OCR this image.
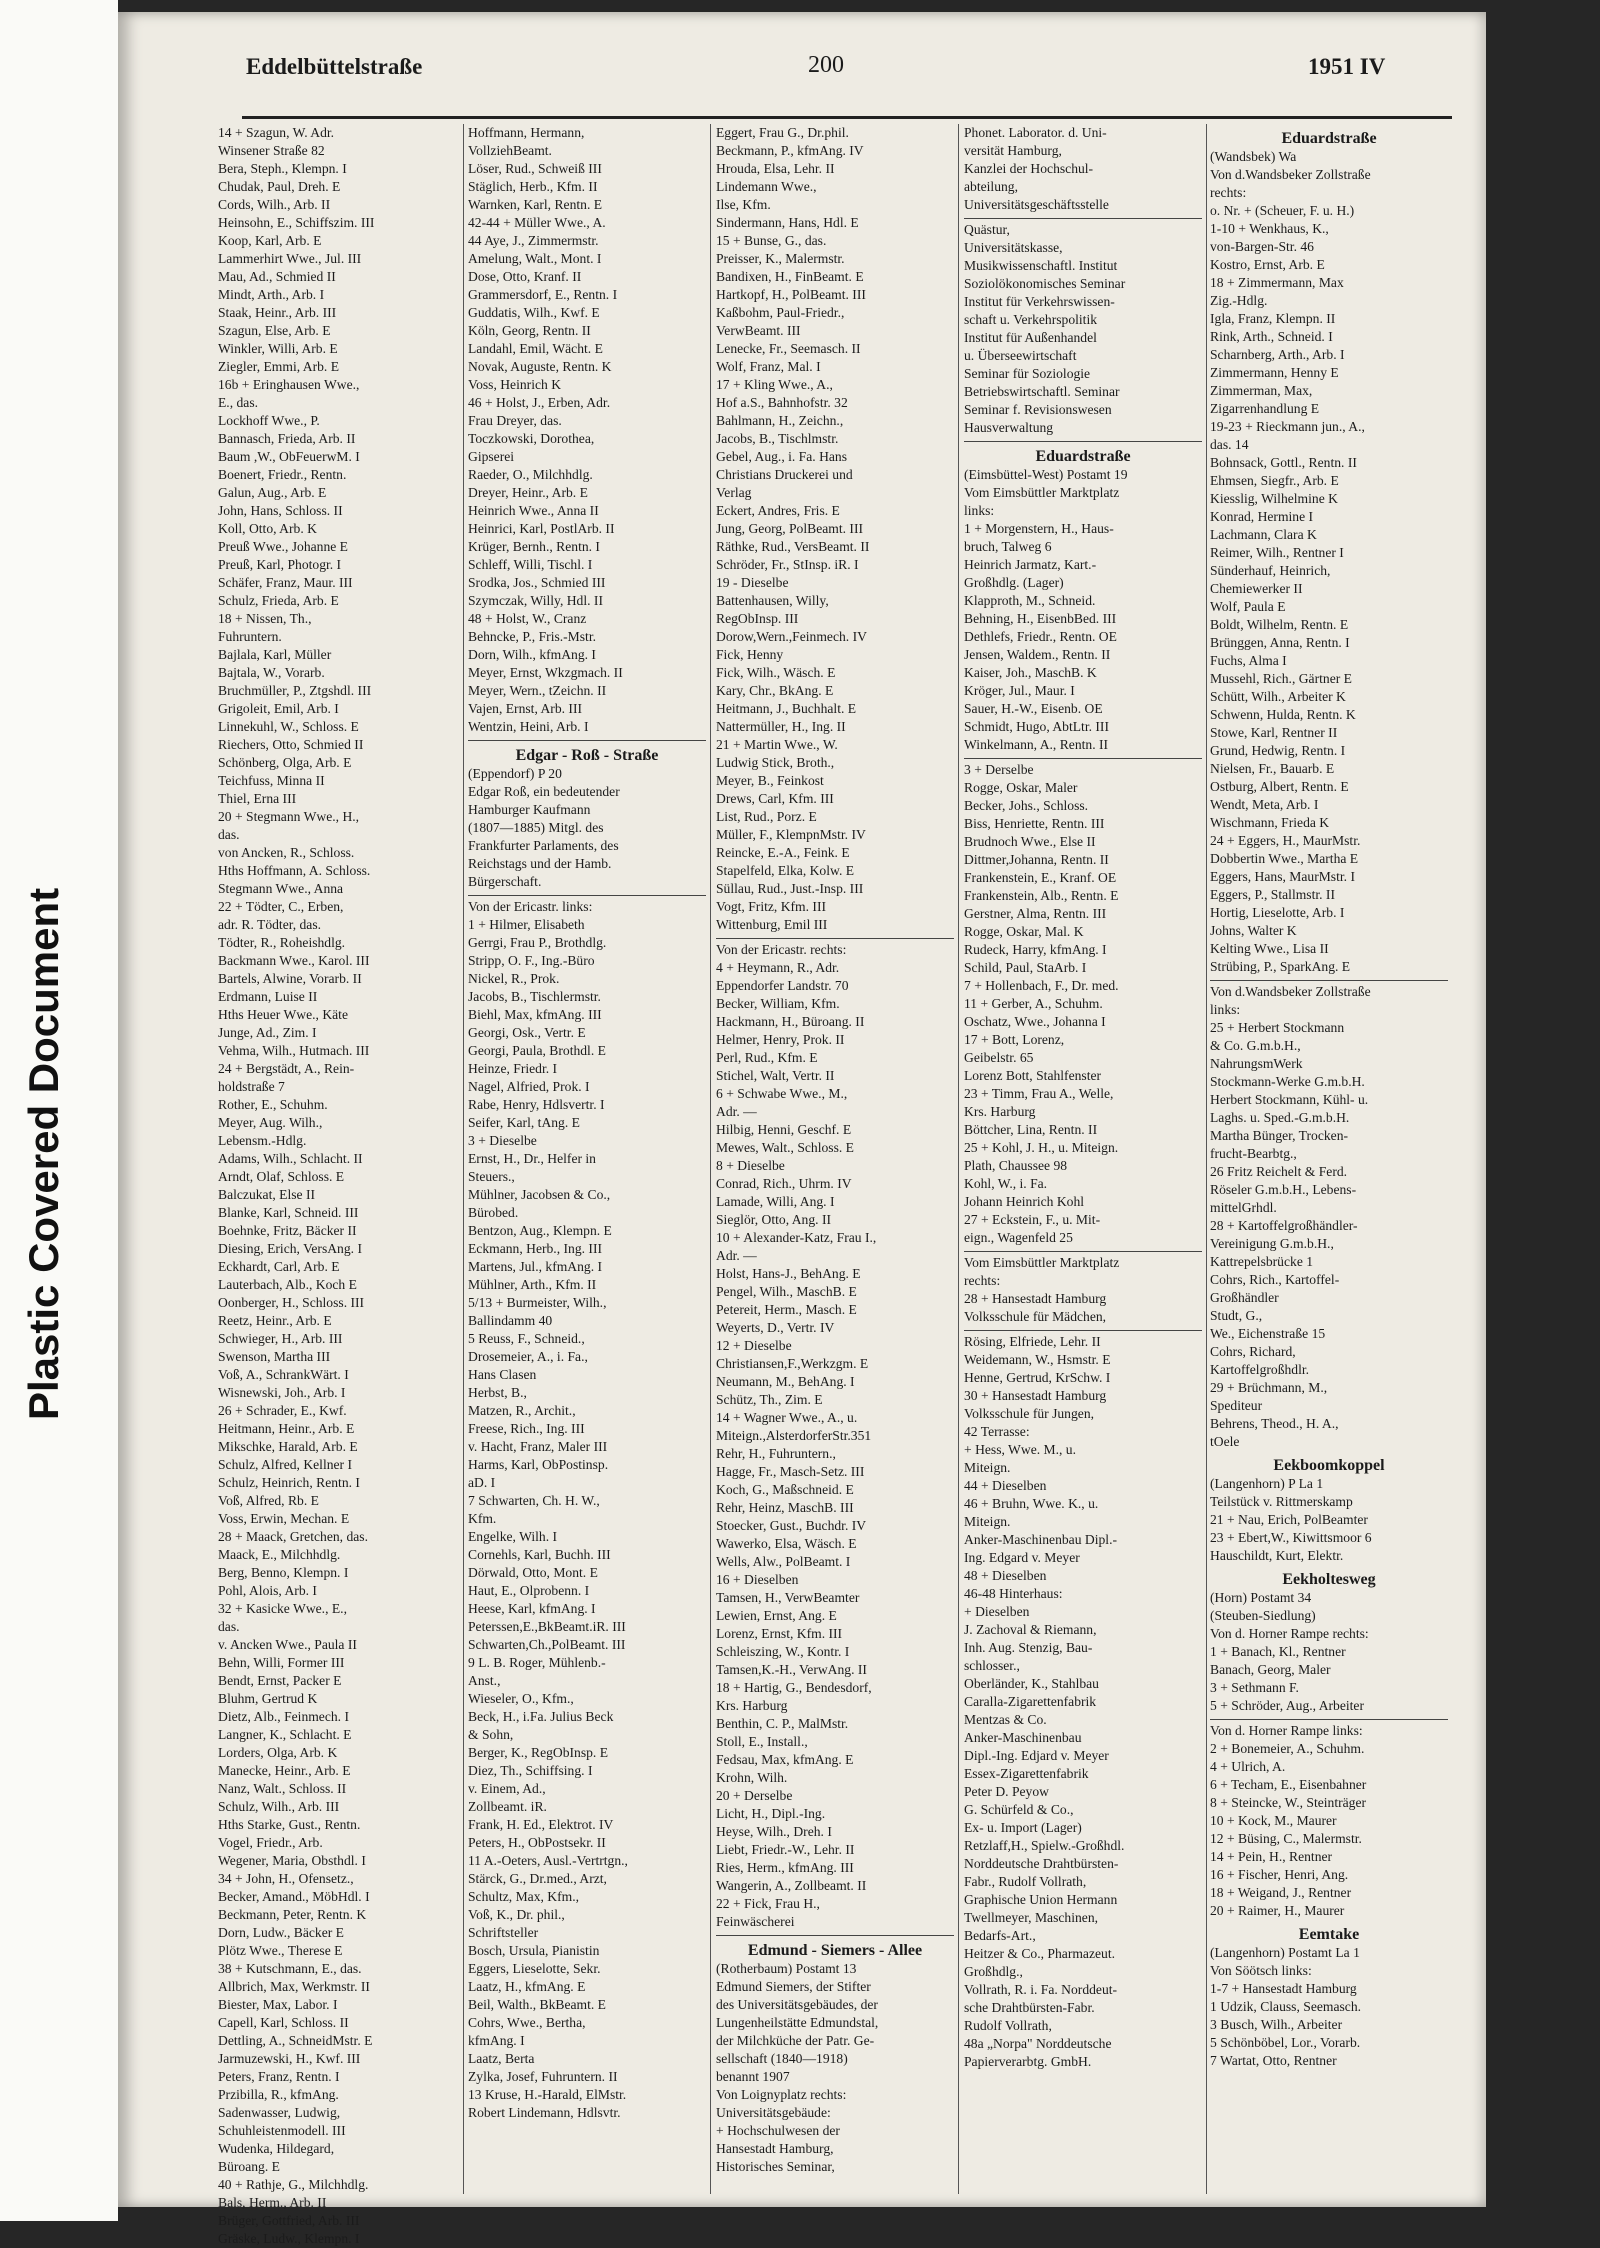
Plastic Covered Document
Eddelbüttelstraße	200	1951 IV
14 + Szagun, W. Adr.
Winsener Straße 82
Bera, Steph., Klempn. I
Chudak, Paul, Dreh. E
Cords, Wilh., Arb. II
Heinsohn, E., Schiffszim. III
Koop, Karl, Arb. E
Lammerhirt Wwe., Jul. III
Mau, Ad., Schmied II
Mindt, Arth., Arb. I
Staak, Heinr., Arb. III
Szagun, Else, Arb. E
Winkler, Willi, Arb. E
Ziegler, Emmi, Arb. E
16b + Eringhausen Wwe.,
E., das.
Lockhoff Wwe., P.
Bannasch, Frieda, Arb. II
Baum ,W., ObFeuerwM. I
Boenert, Friedr., Rentn.
Galun, Aug., Arb. E
John, Hans, Schloss. II
Koll, Otto, Arb. K
Preuß Wwe., Johanne E
Preuß, Karl, Photogr. I
Schäfer, Franz, Maur. III
Schulz, Frieda, Arb. E
18 + Nissen, Th.,
Fuhruntern.
Bajlala, Karl, Müller
Bajtala, W., Vorarb.
Bruchmüller, P., Ztgshdl. III
Grigoleit, Emil, Arb. I
Linnekuhl, W., Schloss. E
Riechers, Otto, Schmied II
Schönberg, Olga, Arb. E
Teichfuss, Minna II
Thiel, Erna III
20 + Stegmann Wwe., H.,
das.
von Ancken, R., Schloss.
Hths Hoffmann, A. Schloss.
Stegmann Wwe., Anna
22 + Tödter, C., Erben,
adr. R. Tödter, das.
Tödter, R., Roheishdlg.
Backmann Wwe., Karol. III
Bartels, Alwine, Vorarb. II
Erdmann, Luise II
Hths Heuer Wwe., Käte
Junge, Ad., Zim. I
Vehma, Wilh., Hutmach. III
24 + Bergstädt, A., Rein-
holdstraße 7
Rother, E., Schuhm.
Meyer, Aug. Wilh.,
Lebensm.-Hdlg.
Adams, Wilh., Schlacht. II
Arndt, Olaf, Schloss. E
Balczukat, Else II
Blanke, Karl, Schneid. III
Boehnke, Fritz, Bäcker II
Diesing, Erich, VersAng. I
Eckhardt, Carl, Arb. E
Lauterbach, Alb., Koch E
Oonberger, H., Schloss. III
Reetz, Heinr., Arb. E
Schwieger, H., Arb. III
Swenson, Martha III
Voß, A., SchrankWärt. I
Wisnewski, Joh., Arb. I
26 + Schrader, E., Kwf.
Heitmann, Heinr., Arb. E
Mikschke, Harald, Arb. E
Schulz, Alfred, Kellner I
Schulz, Heinrich, Rentn. I
Voß, Alfred, Rb. E
Voss, Erwin, Mechan. E
28 + Maack, Gretchen, das.
Maack, E., Milchhdlg.
Berg, Benno, Klempn. I
Pohl, Alois, Arb. I
32 + Kasicke Wwe., E.,
das.
v. Ancken Wwe., Paula II
Behn, Willi, Former III
Bendt, Ernst, Packer E
Bluhm, Gertrud K
Dietz, Alb., Feinmech. I
Langner, K., Schlacht. E
Lorders, Olga, Arb. K
Manecke, Heinr., Arb. E
Nanz, Walt., Schloss. II
Schulz, Wilh., Arb. III
Hths Starke, Gust., Rentn.
Vogel, Friedr., Arb.
Wegener, Maria, Obsthdl. I
34 + John, H., Ofensetz.,
Becker, Amand., MöbHdl. I
Beckmann, Peter, Rentn. K
Dorn, Ludw., Bäcker E
Plötz Wwe., Therese E
38 + Kutschmann, E., das.
Allbrich, Max, Werkmstr. II
Biester, Max, Labor. I
Capell, Karl, Schloss. II
Dettling, A., SchneidMstr. E
Jarmuzewski, H., Kwf. III
Peters, Franz, Rentn. I
Przibilla, R., kfmAng.
Sadenwasser, Ludwig,
Schuhleistenmodell. III
Wudenka, Hildegard,
Büroang. E
40 + Rathje, G., Milchhdlg.
Bals, Herm., Arb. II
Brüger, Gottfried, Arb. III
Gräske, Ludw., Klempn. I
Hoffmann, Hermann,
VollziehBeamt.
Löser, Rud., Schweiß III
Stäglich, Herb., Kfm. II
Warnken, Karl, Rentn. E
42-44 + Müller Wwe., A.
44 Aye, J., Zimmermstr.
Amelung, Walt., Mont. I
Dose, Otto, Kranf. II
Grammersdorf, E., Rentn. I
Guddatis, Wilh., Kwf. E
Köln, Georg, Rentn. II
Landahl, Emil, Wächt. E
Novak, Auguste, Rentn. K
Voss, Heinrich K
46 + Holst, J., Erben, Adr.
Frau Dreyer, das.
Toczkowski, Dorothea,
Gipserei
Raeder, O., Milchhdlg.
Dreyer, Heinr., Arb. E
Heinrich Wwe., Anna II
Heinrici, Karl, PostlArb. II
Krüger, Bernh., Rentn. I
Schleff, Willi, Tischl. I
Srodka, Jos., Schmied III
Szymczak, Willy, Hdl. II
48 + Holst, W., Cranz
Behncke, P., Fris.-Mstr.
Dorn, Wilh., kfmAng. I
Meyer, Ernst, Wkzgmach. II
Meyer, Wern., tZeichn. II
Vajen, Ernst, Arb. III
Wentzin, Heini, Arb. I
Edgar - Roß - Straße
(Eppendorf) P 20
Edgar Roß, ein bedeutender
Hamburger Kaufmann
(1807—1885) Mitgl. des
Frankfurter Parlaments, des
Reichstags und der Hamb.
Bürgerschaft.
Von der Ericastr. links:
1 + Hilmer, Elisabeth
Gerrgi, Frau P., Brothdlg.
Stripp, O. F., Ing.-Büro
Nickel, R., Prok.
Jacobs, B., Tischlermstr.
Biehl, Max, kfmAng. III
Georgi, Osk., Vertr. E
Georgi, Paula, Brothdl. E
Heinze, Friedr. I
Nagel, Alfried, Prok. I
Rabe, Henry, Hdlsvertr. I
Seifer, Karl, tAng. E
3 + Dieselbe
Ernst, H., Dr., Helfer in
Steuers.,
Mühlner, Jacobsen & Co.,
Bürobed.
Bentzon, Aug., Klempn. E
Eckmann, Herb., Ing. III
Martens, Jul., kfmAng. I
Mühlner, Arth., Kfm. II
5/13 + Burmeister, Wilh.,
Ballindamm 40
5 Reuss, F., Schneid.,
Drosemeier, A., i. Fa.,
Hans Clasen
Herbst, B.,
Matzen, R., Archit.,
Freese, Rich., Ing. III
v. Hacht, Franz, Maler III
Harms, Karl, ObPostinsp.
aD. I
7 Schwarten, Ch. H. W.,
Kfm.
Engelke, Wilh. I
Cornehls, Karl, Buchh. III
Dörwald, Otto, Mont. E
Haut, E., Olprobenn. I
Heese, Karl, kfmAng. I
Peterssen,E.,BkBeamt.iR. III
Schwarten,Ch.,PolBeamt. III
9 L. B. Roger, Mühlenb.-
Anst.,
Wieseler, O., Kfm.,
Beck, H., i.Fa. Julius Beck
& Sohn,
Berger, K., RegObInsp. E
Diez, Th., Schiffsing. I
v. Einem, Ad.,
Zollbeamt. iR.
Frank, H. Ed., Elektrot. IV
Peters, H., ObPostsekr. II
11 A.-Oeters, Ausl.-Vertrtgn.,
Stärck, G., Dr.med., Arzt,
Schultz, Max, Kfm.,
Voß, K., Dr. phil.,
Schriftsteller
Bosch, Ursula, Pianistin
Eggers, Lieselotte, Sekr.
Laatz, H., kfmAng. E
Beil, Walth., BkBeamt. E
Cohrs, Wwe., Bertha,
kfmAng. I
Laatz, Berta
Zylka, Josef, Fuhruntern. II
13 Kruse, H.-Harald, ElMstr.
Robert Lindemann, Hdlsvtr.
Eggert, Frau G., Dr.phil.
Beckmann, P., kfmAng. IV
Hrouda, Elsa, Lehr. II
Lindemann Wwe.,
Ilse, Kfm.
Sindermann, Hans, Hdl. E
15 + Bunse, G., das.
Preisser, K., Malermstr.
Bandixen, H., FinBeamt. E
Hartkopf, H., PolBeamt. III
Kaßbohm, Paul-Friedr.,
VerwBeamt. III
Lenecke, Fr., Seemasch. II
Wolf, Franz, Mal. I
17 + Kling Wwe., A.,
Hof a.S., Bahnhofstr. 32
Bahlmann, H., Zeichn.,
Jacobs, B., Tischlmstr.
Gebel, Aug., i. Fa. Hans
Christians Druckerei und
Verlag
Eckert, Andres, Fris. E
Jung, Georg, PolBeamt. III
Räthke, Rud., VersBeamt. II
Schröder, Fr., StInsp. iR. I
19 - Dieselbe
Battenhausen, Willy,
RegObInsp. III
Dorow,Wern.,Feinmech. IV
Fick, Henny
Fick, Wilh., Wäsch. E
Kary, Chr., BkAng. E
Heitmann, J., Buchhalt. E
Nattermüller, H., Ing. II
21 + Martin Wwe., W.
Ludwig Stick, Broth.,
Meyer, B., Feinkost
Drews, Carl, Kfm. III
List, Rud., Porz. E
Müller, F., KlempnMstr. IV
Reincke, E.-A., Feink. E
Stapelfeld, Elka, Kolw. E
Süllau, Rud., Just.-Insp. III
Vogt, Fritz, Kfm. III
Wittenburg, Emil III
Von der Ericastr. rechts:
4 + Heymann, R., Adr.
Eppendorfer Landstr. 70
Becker, William, Kfm.
Hackmann, H., Büroang. II
Helmer, Henry, Prok. II
Perl, Rud., Kfm. E
Stichel, Walt, Vertr. II
6 + Schwabe Wwe., M.,
Adr. —
Hilbig, Henni, Geschf. E
Mewes, Walt., Schloss. E
8 + Dieselbe
Conrad, Rich., Uhrm. IV
Lamade, Willi, Ang. I
Sieglör, Otto, Ang. II
10 + Alexander-Katz, Frau I.,
Adr. —
Holst, Hans-J., BehAng. E
Pengel, Wilh., MaschB. E
Petereit, Herm., Masch. E
Weyerts, D., Vertr. IV
12 + Dieselbe
Christiansen,F.,Werkzgm. E
Neumann, M., BehAng. I
Schütz, Th., Zim. E
14 + Wagner Wwe., A., u.
Miteign.,AlsterdorferStr.351
Rehr, H., Fuhruntern.,
Hagge, Fr., Masch-Setz. III
Koch, G., Maßschneid. E
Rehr, Heinz, MaschB. III
Stoecker, Gust., Buchdr. IV
Wawerko, Elsa, Wäsch. E
Wells, Alw., PolBeamt. I
16 + Dieselben
Tamsen, H., VerwBeamter
Lewien, Ernst, Ang. E
Lorenz, Ernst, Kfm. III
Schleiszing, W., Kontr. I
Tamsen,K.-H., VerwAng. II
18 + Hartig, G., Bendesdorf,
Krs. Harburg
Benthin, C. P., MalMstr.
Stoll, E., Install.,
Fedsau, Max, kfmAng. E
Krohn, Wilh.
20 + Derselbe
Licht, H., Dipl.-Ing.
Heyse, Wilh., Dreh. I
Liebt, Friedr.-W., Lehr. II
Ries, Herm., kfmAng. III
Wangerin, A., Zollbeamt. II
22 + Fick, Frau H.,
Feinwäscherei
Edmund - Siemers - Allee
(Rotherbaum) Postamt 13
Edmund Siemers, der Stifter
des Universitätsgebäudes, der
Lungenheilstätte Edmundstal,
der Milchküche der Patr. Ge-
sellschaft (1840—1918)
benannt 1907
Von Loignyplatz rechts:
Universitätsgebäude:
+ Hochschulwesen der
Hansestadt Hamburg,
Historisches Seminar,
Phonet. Laborator. d. Uni-
versität Hamburg,
Kanzlei der Hochschul-
abteilung,
Universitätsgeschäftsstelle
Quästur,
Universitätskasse,
Musikwissenschaftl. Institut
Soziolökonomisches Seminar
Institut für Verkehrswissen-
schaft u. Verkehrspolitik
Institut für Außenhandel
u. Überseewirtschaft
Seminar für Soziologie
Betriebswirtschaftl. Seminar
Seminar f. Revisionswesen
Hausverwaltung
Eduardstraße
(Eimsbüttel-West) Postamt 19
Vom Eimsbüttler Marktplatz
links:
1 + Morgenstern, H., Haus-
bruch, Talweg 6
Heinrich Jarmatz, Kart.-
Großhdlg. (Lager)
Klapproth, M., Schneid.
Behning, H., EisenbBed. III
Dethlefs, Friedr., Rentn. OE
Jensen, Waldem., Rentn. II
Kaiser, Joh., MaschB. K
Kröger, Jul., Maur. I
Sauer, H.-W., Eisenb. OE
Schmidt, Hugo, AbtLtr. III
Winkelmann, A., Rentn. II
3 + Derselbe
Rogge, Oskar, Maler
Becker, Johs., Schloss.
Biss, Henriette, Rentn. III
Brudnoch Wwe., Else II
Dittmer,Johanna, Rentn. II
Frankenstein, E., Kranf. OE
Frankenstein, Alb., Rentn. E
Gerstner, Alma, Rentn. III
Rogge, Oskar, Mal. K
Rudeck, Harry, kfmAng. I
Schild, Paul, StaArb. I
7 + Hollenbach, F., Dr. med.
11 + Gerber, A., Schuhm.
Oschatz, Wwe., Johanna I
17 + Bott, Lorenz,
Geibelstr. 65
Lorenz Bott, Stahlfenster
23 + Timm, Frau A., Welle,
Krs. Harburg
Böttcher, Lina, Rentn. II
25 + Kohl, J. H., u. Miteign.
Plath, Chaussee 98
Kohl, W., i. Fa.
Johann Heinrich Kohl
27 + Eckstein, F., u. Mit-
eign., Wagenfeld 25
Vom Eimsbüttler Marktplatz
rechts:
28 + Hansestadt Hamburg
Volksschule für Mädchen,
Rösing, Elfriede, Lehr. II
Weidemann, W., Hsmstr. E
Henne, Gertrud, KrSchw. I
30 + Hansestadt Hamburg
Volksschule für Jungen,
42 Terrasse:
+ Hess, Wwe. M., u.
Miteign.
44 + Dieselben
46 + Bruhn, Wwe. K., u.
Miteign.
Anker-Maschinenbau Dipl.-
Ing. Edgard v. Meyer
48 + Dieselben
46-48 Hinterhaus:
+ Dieselben
J. Zachoval & Riemann,
Inh. Aug. Stenzig, Bau-
schlosser.,
Oberländer, K., Stahlbau
Caralla-Zigarettenfabrik
Mentzas & Co.
Anker-Maschinenbau
Dipl.-Ing. Edjard v. Meyer
Essex-Zigarettenfabrik
Peter D. Peyow
G. Schürfeld & Co.,
Ex- u. Import (Lager)
Retzlaff,H., Spielw.-Großhdl.
Norddeutsche Drahtbürsten-
Fabr., Rudolf Vollrath,
Graphische Union Hermann
Twellmeyer, Maschinen,
Bedarfs-Art.,
Heitzer & Co., Pharmazeut.
Großhdlg.,
Vollrath, R. i. Fa. Norddeut-
sche Drahtbürsten-Fabr.
Rudolf Vollrath,
48a „Norpa" Norddeutsche
Papierverarbtg. GmbH.
Eduardstraße
(Wandsbek) Wa
Von d.Wandsbeker Zollstraße
rechts:
o. Nr. + (Scheuer, F. u. H.)
1-10 + Wenkhaus, K.,
von-Bargen-Str. 46
Kostro, Ernst, Arb. E
18 + Zimmermann, Max
Zig.-Hdlg.
Igla, Franz, Klempn. II
Rink, Arth., Schneid. I
Scharnberg, Arth., Arb. I
Zimmermann, Henny E
Zimmerman, Max,
Zigarrenhandlung E
19-23 + Rieckmann jun., A.,
das. 14
Bohnsack, Gottl., Rentn. II
Ehmsen, Siegfr., Arb. E
Kiesslig, Wilhelmine K
Konrad, Hermine I
Lachmann, Clara K
Reimer, Wilh., Rentner I
Sünderhauf, Heinrich,
Chemiewerker II
Wolf, Paula E
Boldt, Wilhelm, Rentn. E
Brünggen, Anna, Rentn. I
Fuchs, Alma I
Mussehl, Rich., Gärtner E
Schütt, Wilh., Arbeiter K
Schwenn, Hulda, Rentn. K
Stowe, Karl, Rentner II
Grund, Hedwig, Rentn. I
Nielsen, Fr., Bauarb. E
Ostburg, Albert, Rentn. E
Wendt, Meta, Arb. I
Wischmann, Frieda K
24 + Eggers, H., MaurMstr.
Dobbertin Wwe., Martha E
Eggers, Hans, MaurMstr. I
Eggers, P., Stallmstr. II
Hortig, Lieselotte, Arb. I
Johns, Walter K
Kelting Wwe., Lisa II
Strübing, P., SparkAng. E
Von d.Wandsbeker Zollstraße
links:
25 + Herbert Stockmann
& Co. G.m.b.H.,
NahrungsmWerk
Stockmann-Werke G.m.b.H.
Herbert Stockmann, Kühl- u.
Laghs. u. Sped.-G.m.b.H.
Martha Bünger, Trocken-
frucht-Bearbtg.,
26 Fritz Reichelt & Ferd.
Röseler G.m.b.H., Lebens-
mittelGrhdl.
28 + Kartoffelgroßhändler-
Vereinigung G.m.b.H.,
Kattrepelsbrücke 1
Cohrs, Rich., Kartoffel-
Großhändler
Studt, G.,
We., Eichenstraße 15
Cohrs, Richard,
Kartoffelgroßhdlr.
29 + Brüchmann, M.,
Spediteur
Behrens, Theod., H. A.,
tOele
Eekboomkoppel
(Langenhorn) P La 1
Teilstück v. Rittmerskamp
21 + Nau, Erich, PolBeamter
23 + Ebert,W., Kiwittsmoor 6
Hauschildt, Kurt, Elektr.
Eekholtesweg
(Horn) Postamt 34
(Steuben-Siedlung)
Von d. Horner Rampe rechts:
1 + Banach, Kl., Rentner
Banach, Georg, Maler
3 + Sethmann F.
5 + Schröder, Aug., Arbeiter
Von d. Horner Rampe links:
2 + Bonemeier, A., Schuhm.
4 + Ulrich, A.
6 + Techam, E., Eisenbahner
8 + Steincke, W., Steinträger
10 + Kock, M., Maurer
12 + Büsing, C., Malermstr.
14 + Pein, H., Rentner
16 + Fischer, Henri, Ang.
18 + Weigand, J., Rentner
20 + Raimer, H., Maurer
Eemtake
(Langenhorn) Postamt La 1
Von Söötsch links:
1-7 + Hansestadt Hamburg
1 Udzik, Clauss, Seemasch.
3 Busch, Wilh., Arbeiter
5 Schönböbel, Lor., Vorarb.
7 Wartat, Otto, Rentner
